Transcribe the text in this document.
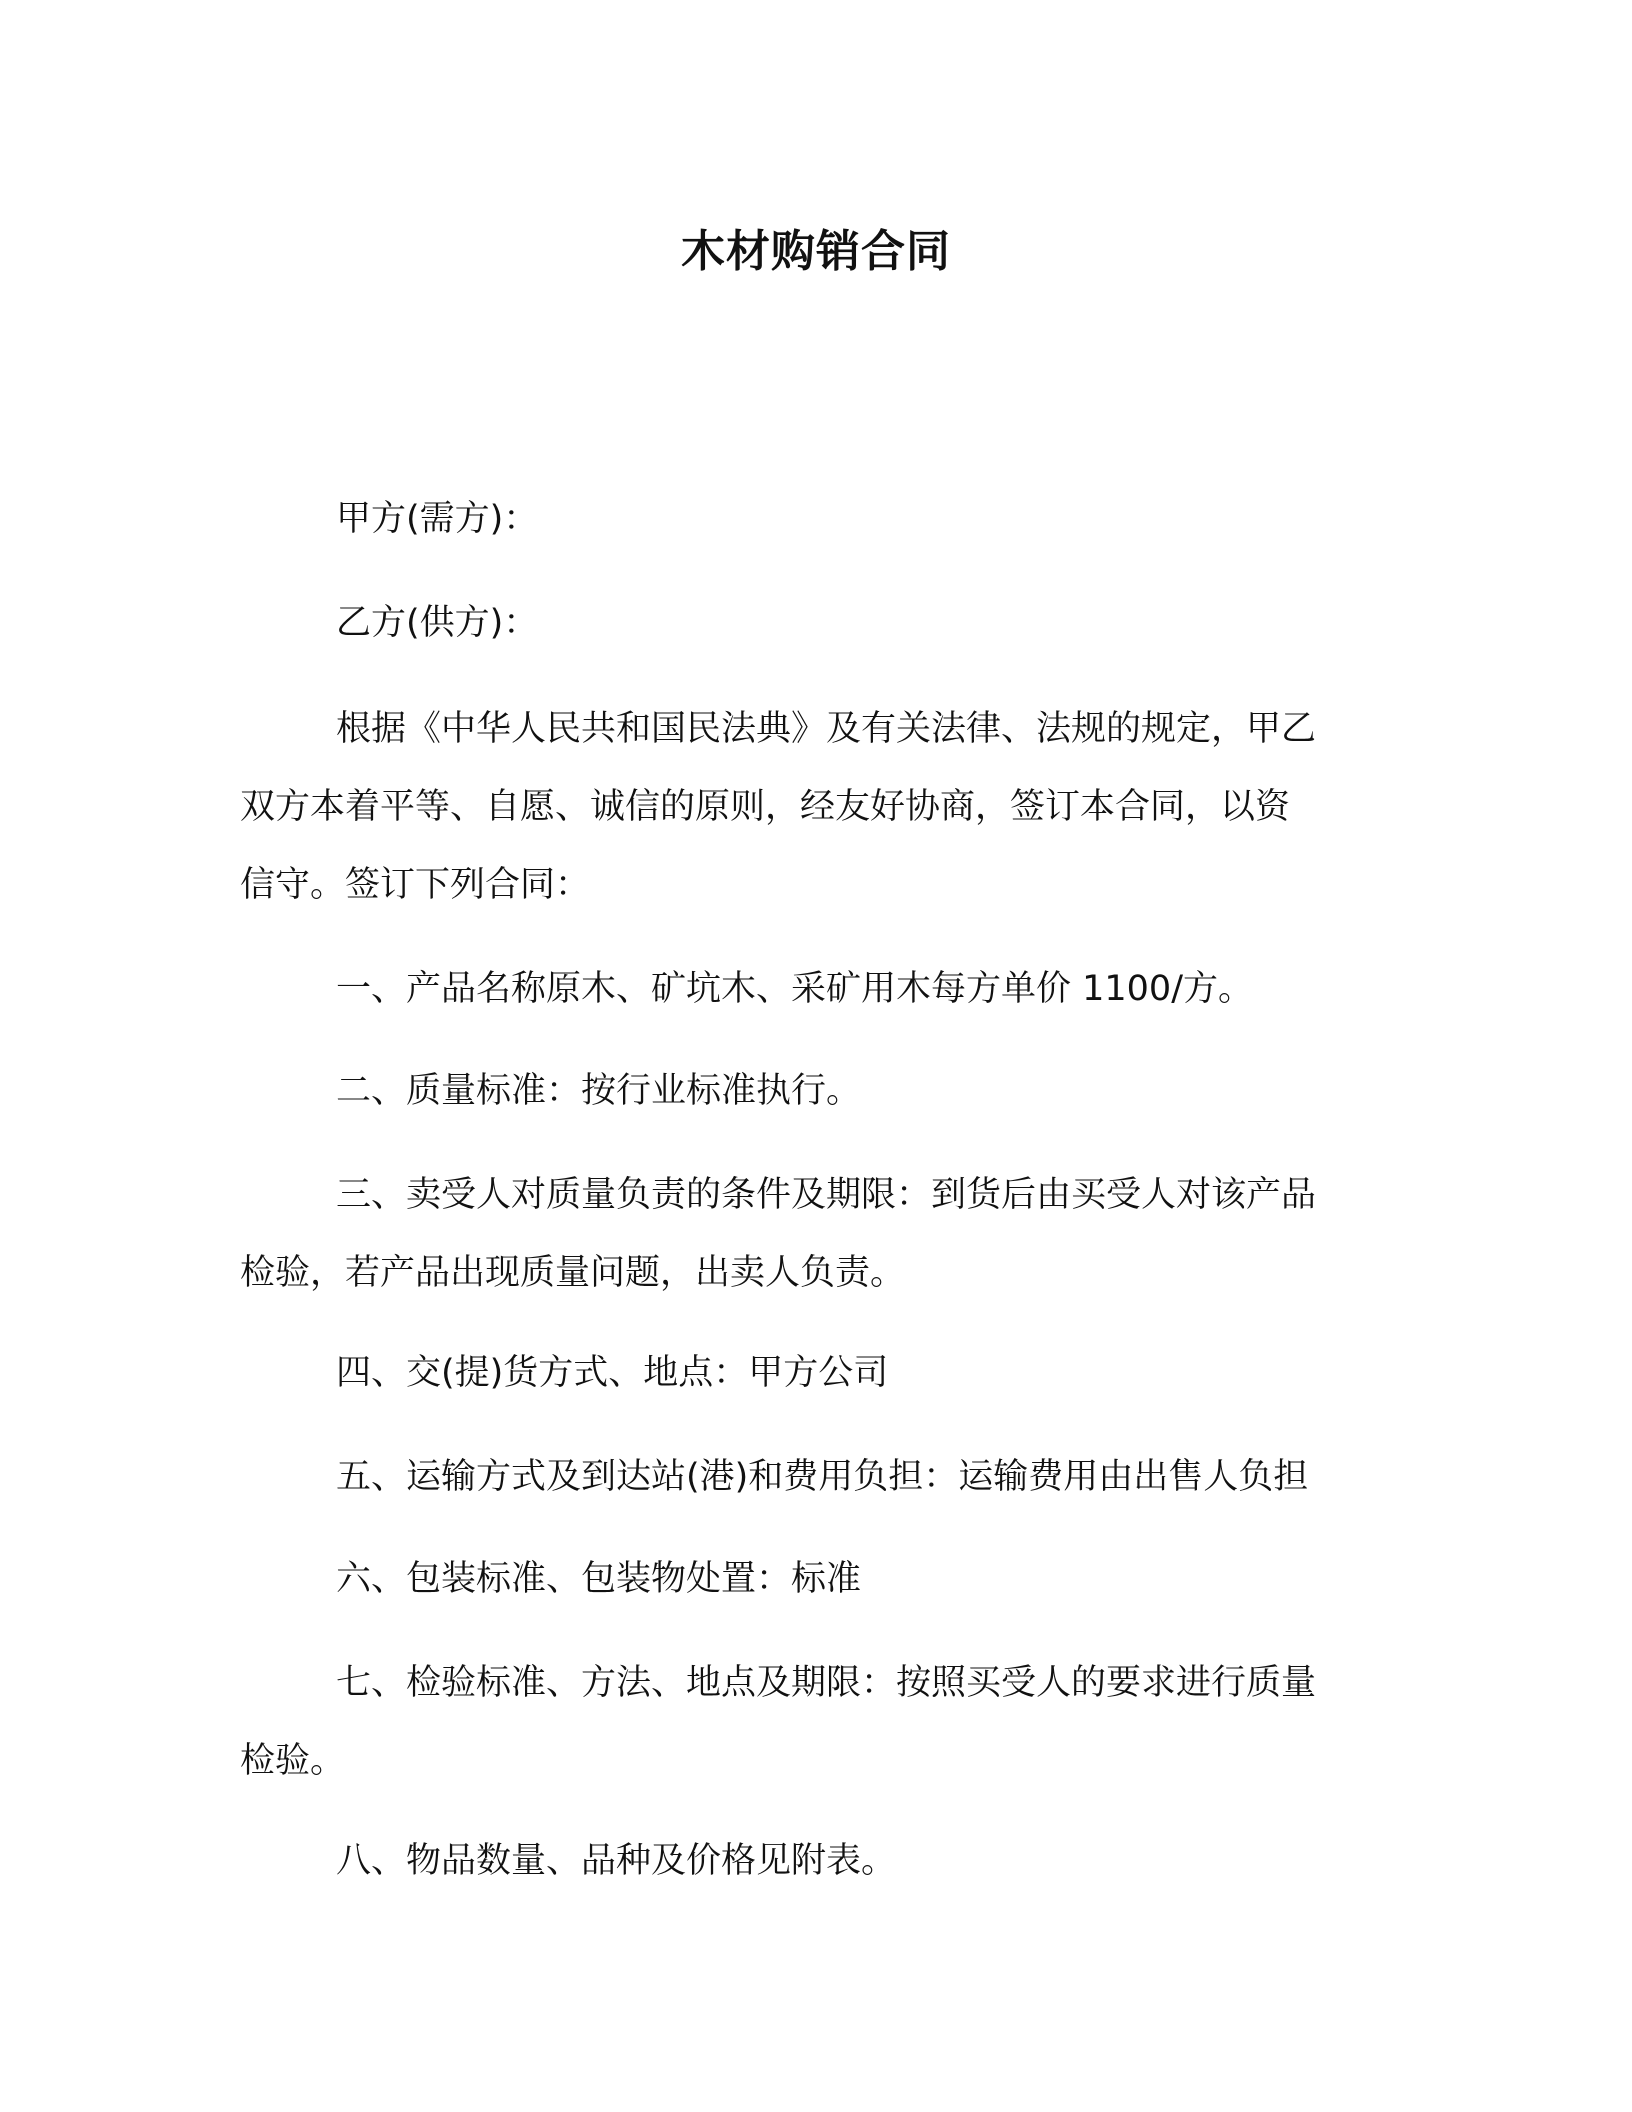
木材购销合同
甲方(需方)：
乙方(供方)：
根据《中华人民共和国民法典》及有关法律、法规的规定，甲乙
双方本着平等、自愿、诚信的原则，经友好协商，签订本合同，以资
信守。签订下列合同：
一、产品名称原木、矿坑木、采矿用木每方单价 1100/方。
二、质量标准：按行业标准执行。
三、卖受人对质量负责的条件及期限：到货后由买受人对该产品
检验，若产品出现质量问题，出卖人负责。
四、交(提)货方式、地点：甲方公司
五、运输方式及到达站(港)和费用负担：运输费用由出售人负担
六、包装标准、包装物处置：标准
七、检验标准、方法、地点及期限：按照买受人的要求进行质量
检验。
八、物品数量、品种及价格见附表。
